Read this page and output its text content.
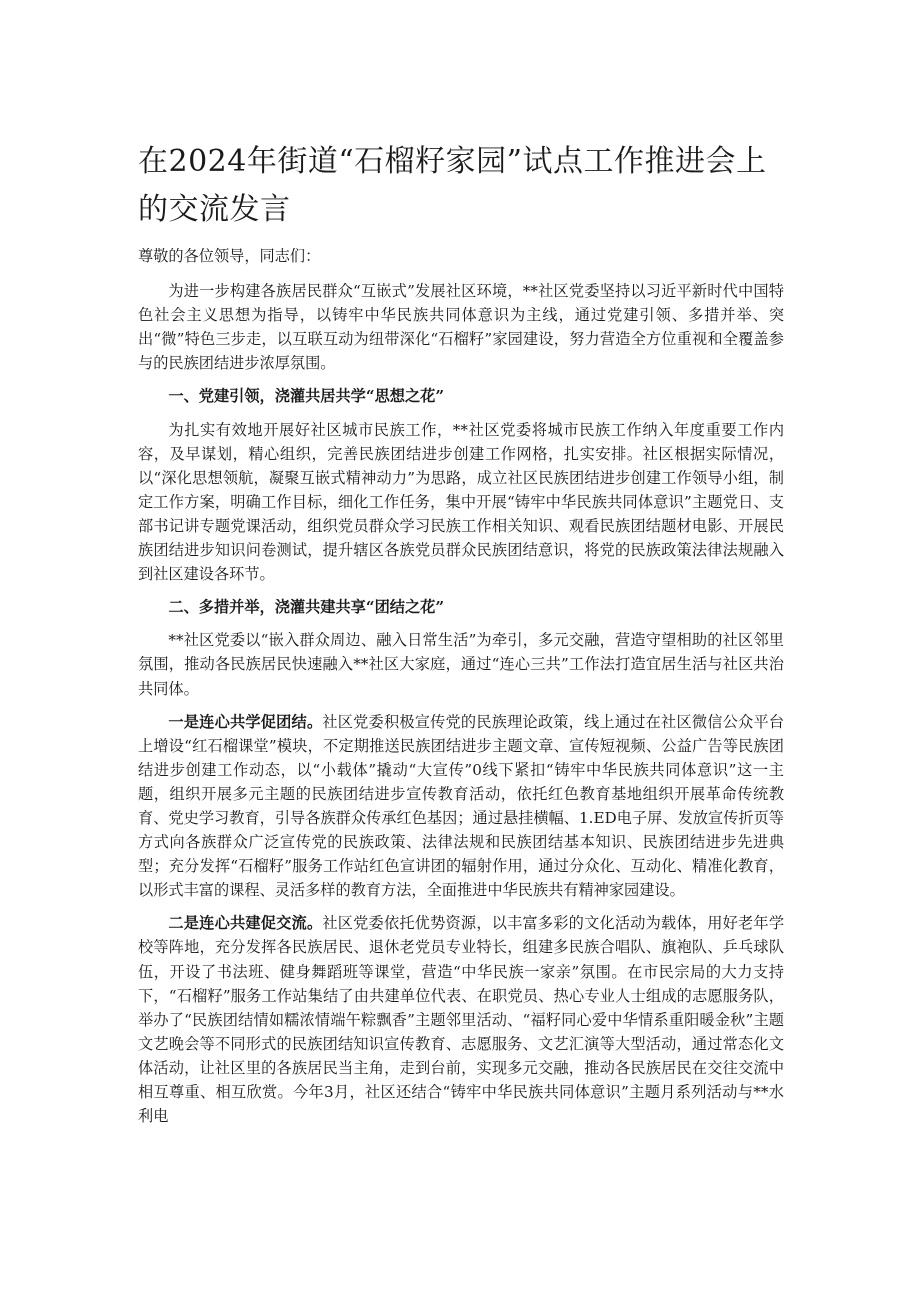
在2024年街道“石榴籽家园”试点工作推进会上的交流发言

尊敬的各位领导，同志们：

为进一步构建各族居民群众“互嵌式”发展社区环境，**社区党委坚持以习近平新时代中国特色社会主义思想为指导，以铸牢中华民族共同体意识为主线，通过党建引领、多措并举、突出“微”特色三步走，以互联互动为纽带深化“石榴籽”家园建设，努力营造全方位重视和全覆盖参与的民族团结进步浓厚氛围。

一、党建引领，浇灌共居共学“思想之花”

为扎实有效地开展好社区城市民族工作，**社区党委将城市民族工作纳入年度重要工作内容，及早谋划，精心组织，完善民族团结进步创建工作网格，扎实安排。社区根据实际情况，以“深化思想领航，凝聚互嵌式精神动力”为思路，成立社区民族团结进步创建工作领导小组，制定工作方案，明确工作目标，细化工作任务，集中开展“铸牢中华民族共同体意识”主题党日、支部书记讲专题党课活动，组织党员群众学习民族工作相关知识、观看民族团结题材电影、开展民族团结进步知识问卷测试，提升辖区各族党员群众民族团结意识，将党的民族政策法律法规融入到社区建设各环节。

二、多措并举，浇灌共建共享“团结之花”

**社区党委以“嵌入群众周边、融入日常生活”为牵引，多元交融，营造守望相助的社区邻里氛围，推动各民族居民快速融入**社区大家庭，通过“连心三共”工作法打造宜居生活与社区共治共同体。

一是连心共学促团结。社区党委积极宣传党的民族理论政策，线上通过在社区微信公众平台上增设“红石榴课堂”模块，不定期推送民族团结进步主题文章、宣传短视频、公益广告等民族团结进步创建工作动态，以“小载体”撬动“大宣传”0线下紧扣“铸牢中华民族共同体意识”这一主题，组织开展多元主题的民族团结进步宣传教育活动，依托红色教育基地组织开展革命传统教育、党史学习教育，引导各族群众传承红色基因；通过悬挂横幅、1.ED电子屏、发放宣传折页等方式向各族群众广泛宣传党的民族政策、法律法规和民族团结基本知识、民族团结进步先进典型；充分发挥“石榴籽”服务工作站红色宣讲团的辐射作用，通过分众化、互动化、精准化教育，以形式丰富的课程、灵活多样的教育方法，全面推进中华民族共有精神家园建设。

二是连心共建促交流。社区党委依托优势资源，以丰富多彩的文化活动为载体，用好老年学校等阵地，充分发挥各民族居民、退休老党员专业特长，组建多民族合唱队、旗袍队、乒乓球队伍，开设了书法班、健身舞蹈班等课堂，营造“中华民族一家亲”氛围。在市民宗局的大力支持下，“石榴籽”服务工作站集结了由共建单位代表、在职党员、热心专业人士组成的志愿服务队，举办了“民族团结情如糯浓情端午粽飘香”主题邻里活动、“福籽同心爱中华情系重阳暖金秋”主题文艺晚会等不同形式的民族团结知识宣传教育、志愿服务、文艺汇演等大型活动，通过常态化文体活动，让社区里的各族居民当主角，走到台前，实现多元交融，推动各民族居民在交往交流中相互尊重、相互欣赏。今年3月，社区还结合“铸牢中华民族共同体意识”主题月系列活动与**水利电
